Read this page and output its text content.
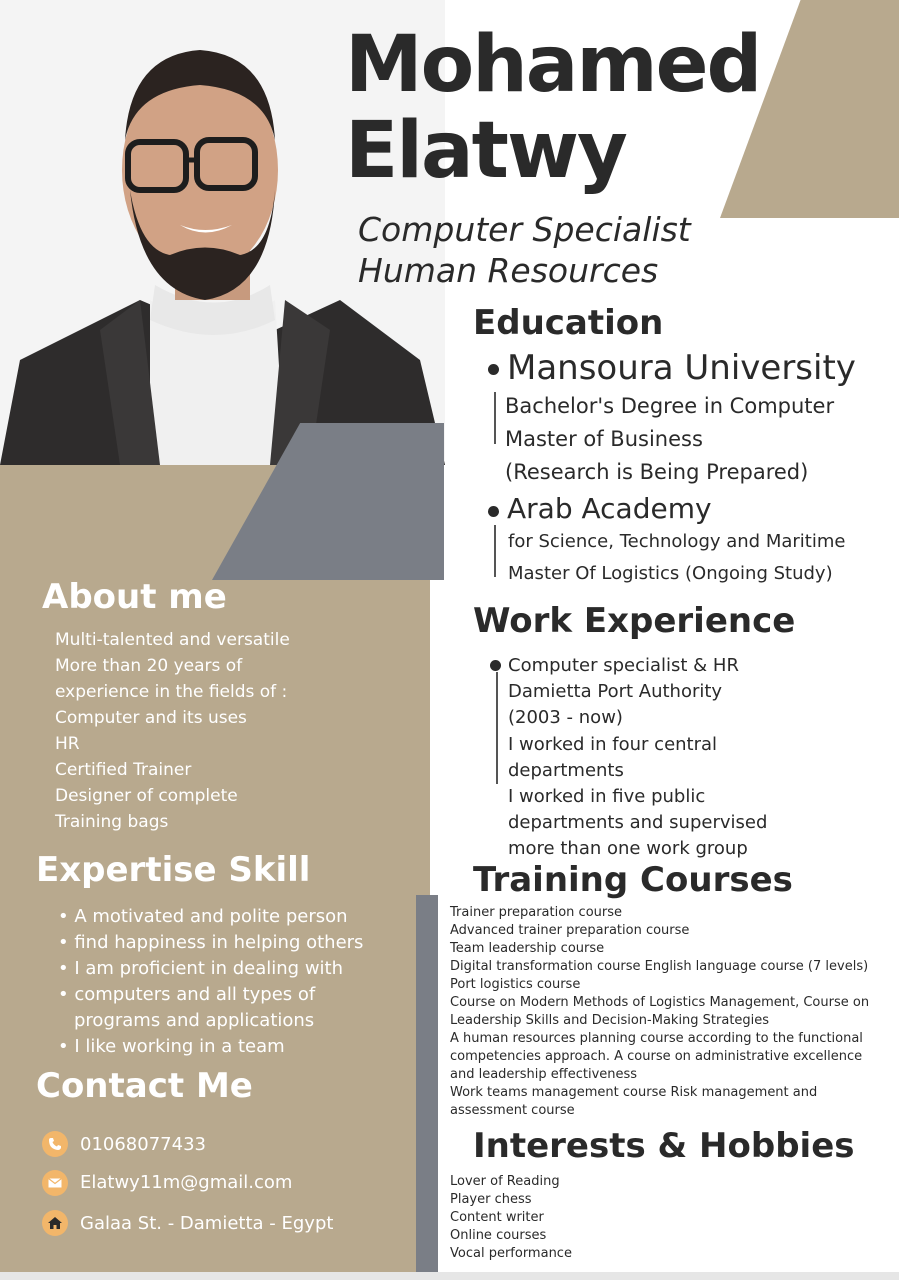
Mohamed
Elatwy
Computer Specialist
Human Resources
Education
Mansoura University
Bachelor's Degree in Computer
Master of Business
(Research is Being Prepared)
Arab Academy
for Science, Technology and Maritime
Master Of Logistics (Ongoing Study)
Work Experience
Computer specialist & HR
Damietta Port Authority
(2003 - now)
I worked in four central
departments
I worked in five public
departments and supervised
more than one work group
Training Courses
Trainer preparation course
Advanced trainer preparation course
Team leadership course
Digital transformation course English language course (7 levels)
Port logistics course
Course on Modern Methods of Logistics Management, Course on
Leadership Skills and Decision-Making Strategies
A human resources planning course according to the functional
competencies approach. A course on administrative excellence
and leadership effectiveness
Work teams management course Risk management and
assessment course
Interests & Hobbies
Lover of Reading
Player chess
Content writer
Online courses
Vocal performance
About me
Multi-talented and versatile
More than 20 years of
experience in the fields of :
Computer and its uses
HR
Certified Trainer
Designer of complete
Training bags
Expertise Skill
• A motivated and polite person
• find happiness in helping others
• I am proficient in dealing with
• computers and all types of
programs and applications
• I like working in a team
Contact Me
01068077433
Elatwy11m@gmail.com
Galaa St. - Damietta - Egypt
